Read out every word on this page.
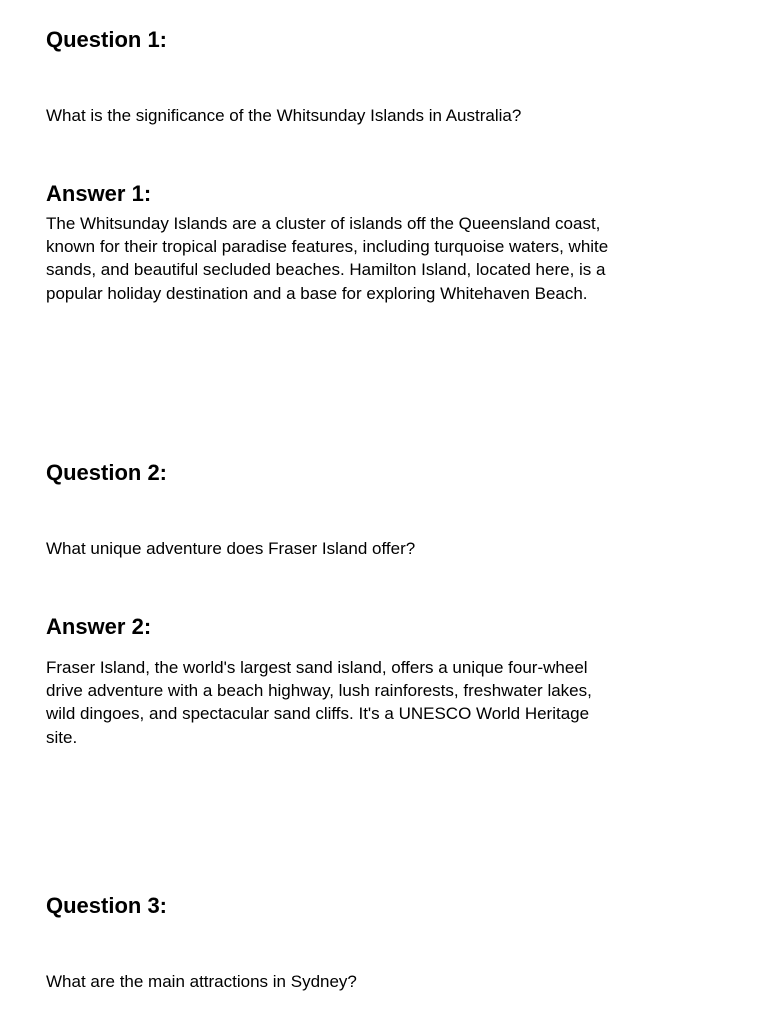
Question 1:

What is the significance of the Whitsunday Islands in Australia?

Answer 1:

The Whitsunday Islands are a cluster of islands off the Queensland coast, known for their tropical paradise features, including turquoise waters, white sands, and beautiful secluded beaches. Hamilton Island, located here, is a popular holiday destination and a base for exploring Whitehaven Beach.

Question 2:

What unique adventure does Fraser Island offer?

Answer 2:

Fraser Island, the world's largest sand island, offers a unique four-wheel drive adventure with a beach highway, lush rainforests, freshwater lakes, wild dingoes, and spectacular sand cliffs. It's a UNESCO World Heritage site.

Question 3:

What are the main attractions in Sydney?
